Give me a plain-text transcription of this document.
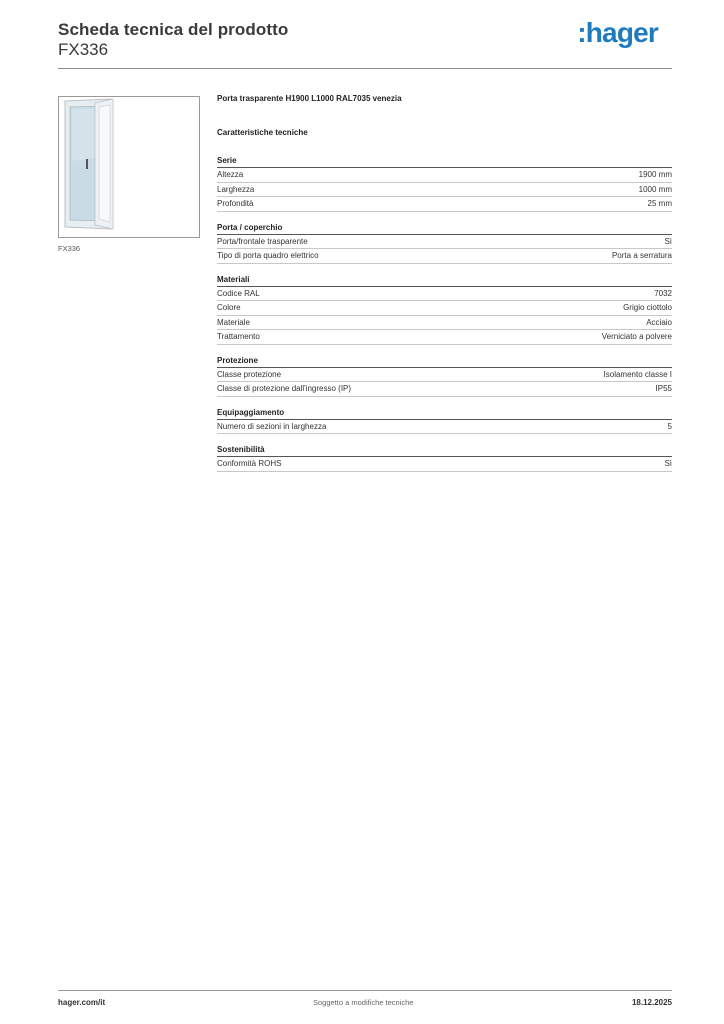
Scheda tecnica del prodotto
FX336
:hager
FX336
Porta trasparente H1900 L1000 RAL7035 venezia
Caratteristiche tecniche
Serie
Altezza	1900 mm
Larghezza	1000 mm
Profondità	25 mm
Porta / coperchio
Porta/frontale trasparente	Sì
Tipo di porta quadro elettrico	Porta a serratura
Materiali
Codice RAL	7032
Colore	Grigio ciottolo
Materiale	Acciaio
Trattamento	Verniciato a polvere
Protezione
Classe protezione	Isolamento classe I
Classe di protezione dall'ingresso (IP)	IP55
Equipaggiamento
Numero di sezioni in larghezza	5
Sostenibilità
Conformità ROHS	Sì
hager.com/it	Soggetto a modifiche tecniche	18.12.2025
